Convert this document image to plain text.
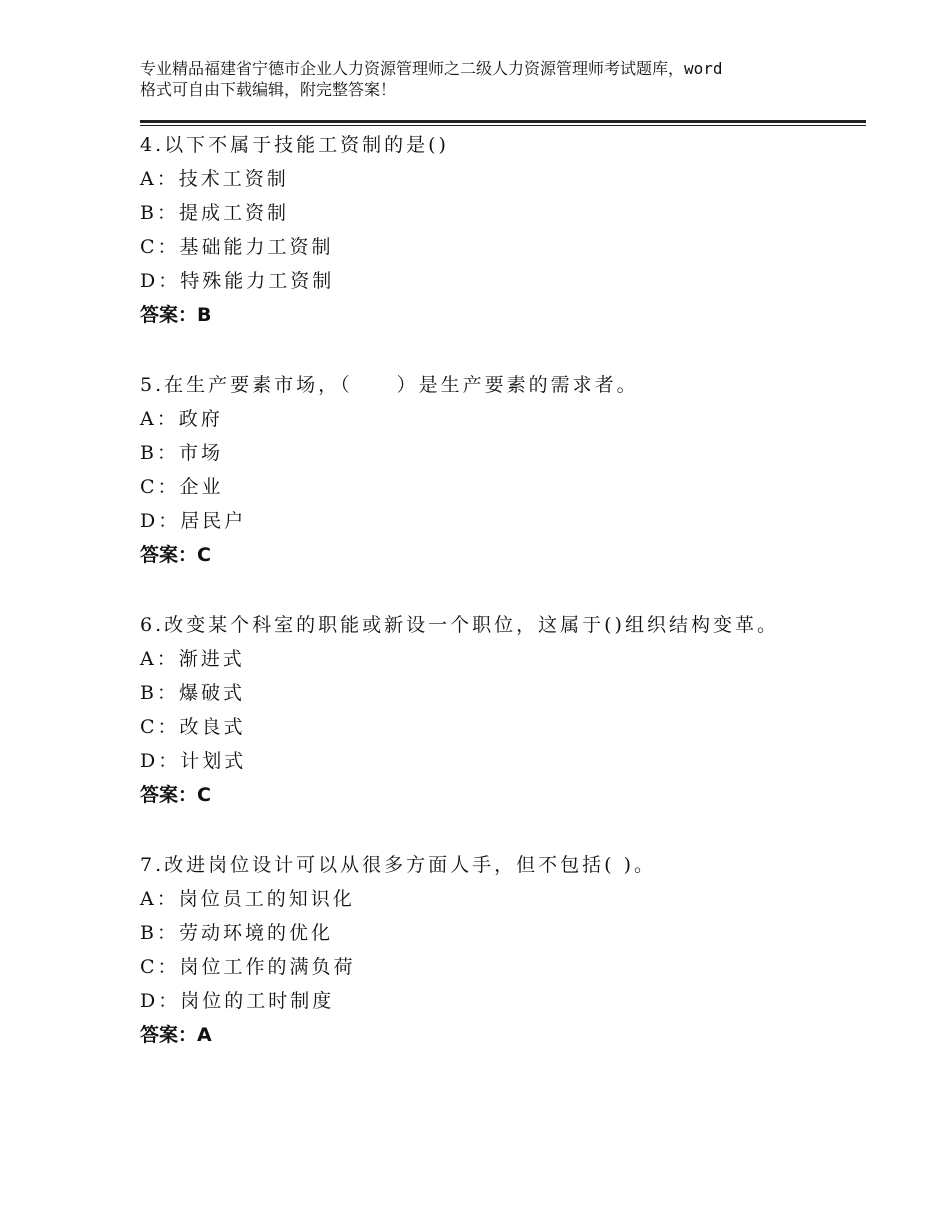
专业精品福建省宁德市企业人力资源管理师之二级人力资源管理师考试题库，word
格式可自由下载编辑，附完整答案！
4.以下不属于技能工资制的是()
A：技术工资制
B：提成工资制
C：基础能力工资制
D：特殊能力工资制
答案：B
5.在生产要素市场，（　　）是生产要素的需求者。
A：政府
B：市场
C：企业
D：居民户
答案：C
6.改变某个科室的职能或新设一个职位，这属于()组织结构变革。
A：渐进式
B：爆破式
C：改良式
D：计划式
答案：C
7.改进岗位设计可以从很多方面人手，但不包括( )。
A：岗位员工的知识化
B：劳动环境的优化
C：岗位工作的满负荷
D：岗位的工时制度
答案：A
